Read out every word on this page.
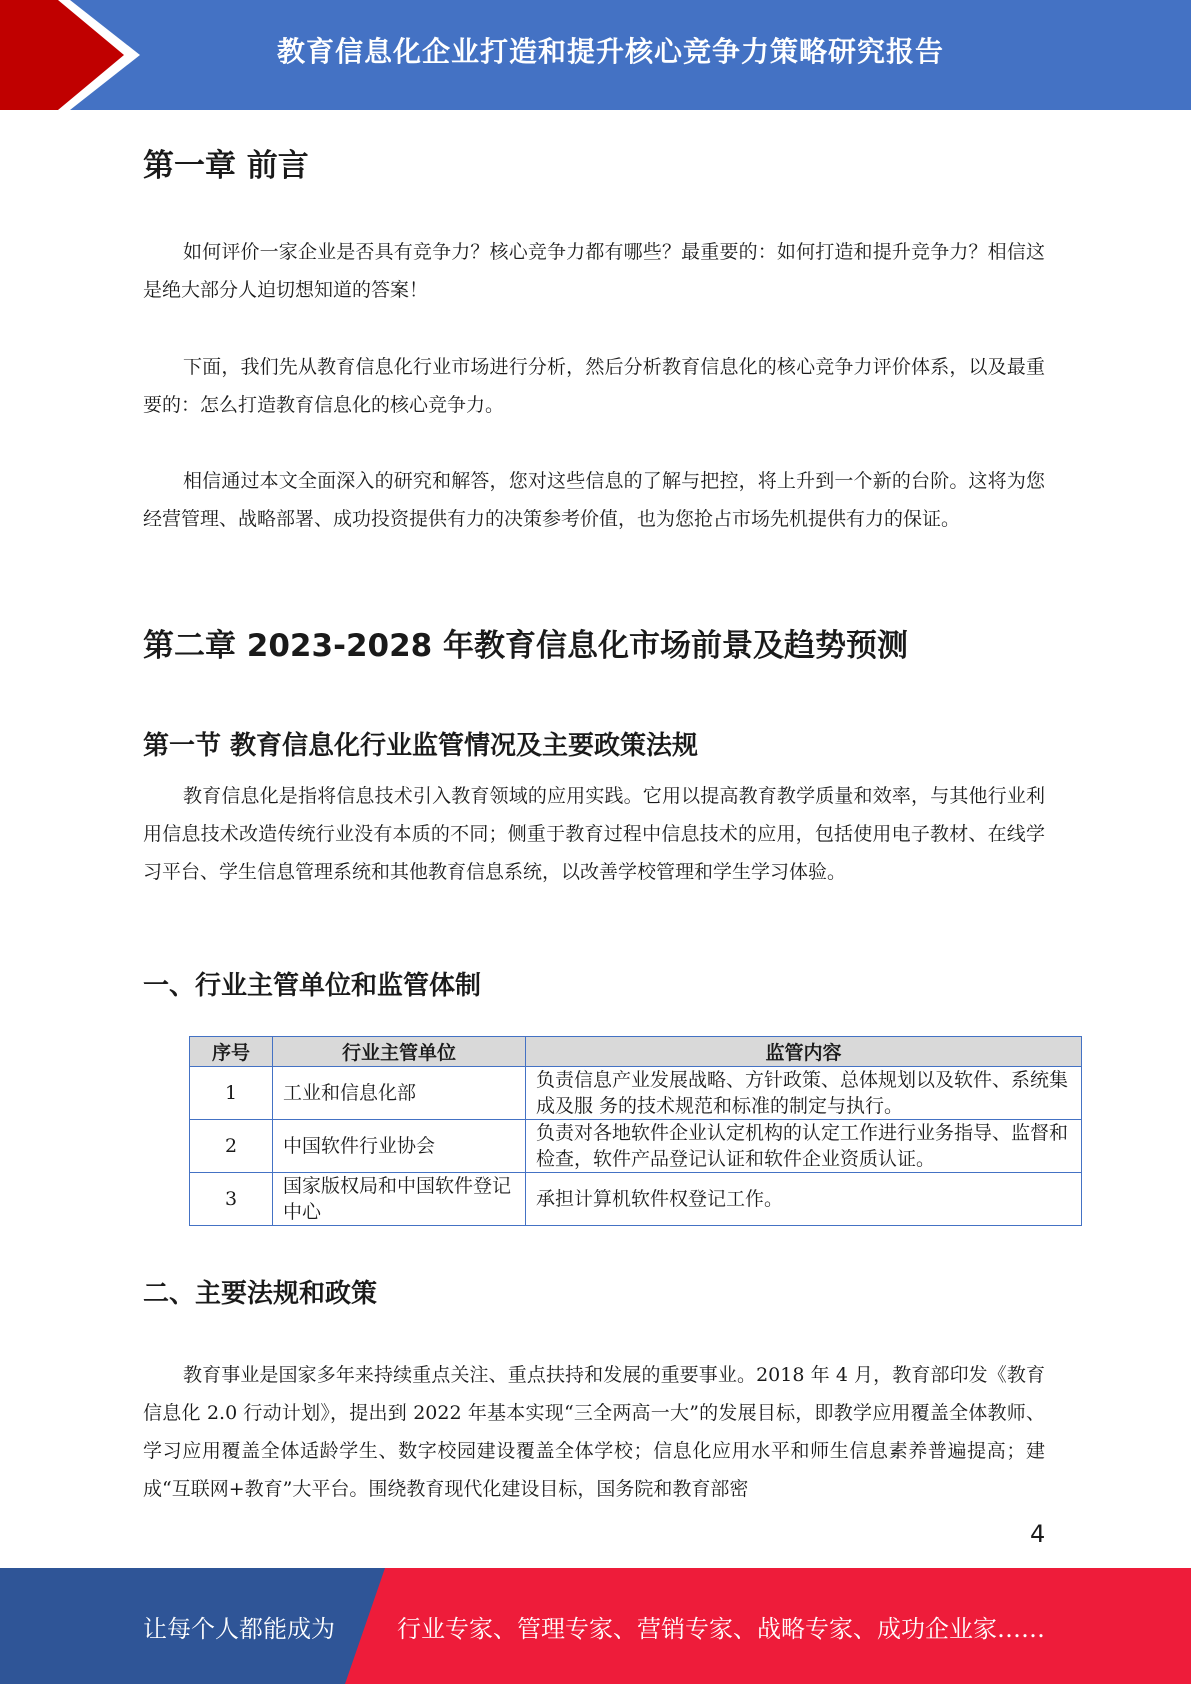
教育信息化企业打造和提升核心竞争力策略研究报告
第一章 前言

如何评价一家企业是否具有竞争力？核心竞争力都有哪些？最重要的：如何打造和提升竞争力？相信这是绝大部分人迫切想知道的答案！

下面，我们先从教育信息化行业市场进行分析，然后分析教育信息化的核心竞争力评价体系，以及最重要的：怎么打造教育信息化的核心竞争力。

相信通过本文全面深入的研究和解答，您对这些信息的了解与把控，将上升到一个新的台阶。这将为您经营管理、战略部署、成功投资提供有力的决策参考价值，也为您抢占市场先机提供有力的保证。

第二章 2023-2028 年教育信息化市场前景及趋势预测
第一节 教育信息化行业监管情况及主要政策法规

教育信息化是指将信息技术引入教育领域的应用实践。它用以提高教育教学质量和效率，与其他行业利用信息技术改造传统行业没有本质的不同；侧重于教育过程中信息技术的应用，包括使用电子教材、在线学习平台、学生信息管理系统和其他教育信息系统，以改善学校管理和学生学习体验。

一、行业主管单位和监管体制
序号	行业主管单位	监管内容
1	工业和信息化部	负责信息产业发展战略、方针政策、总体规划以及软件、系统集成及服 务的技术规范和标准的制定与执行。
2	中国软件行业协会	负责对各地软件企业认定机构的认定工作进行业务指导、监督和检查，软件产品登记认证和软件企业资质认证。
3	国家版权局和中国软件登记中心	承担计算机软件权登记工作。
二、主要法规和政策

教育事业是国家多年来持续重点关注、重点扶持和发展的重要事业。2018 年 4 月，教育部印发《教育信息化 2.0 行动计划》，提出到 2022 年基本实现“三全两高一大”的发展目标，即教学应用覆盖全体教师、学习应用覆盖全体适龄学生、数字校园建设覆盖全体学校；信息化应用水平和师生信息素养普遍提高；建成“互联网+教育”大平台。围绕教育现代化建设目标，国务院和教育部密

4
让每个人都能成为	行业专家、管理专家、营销专家、战略专家、成功企业家……
